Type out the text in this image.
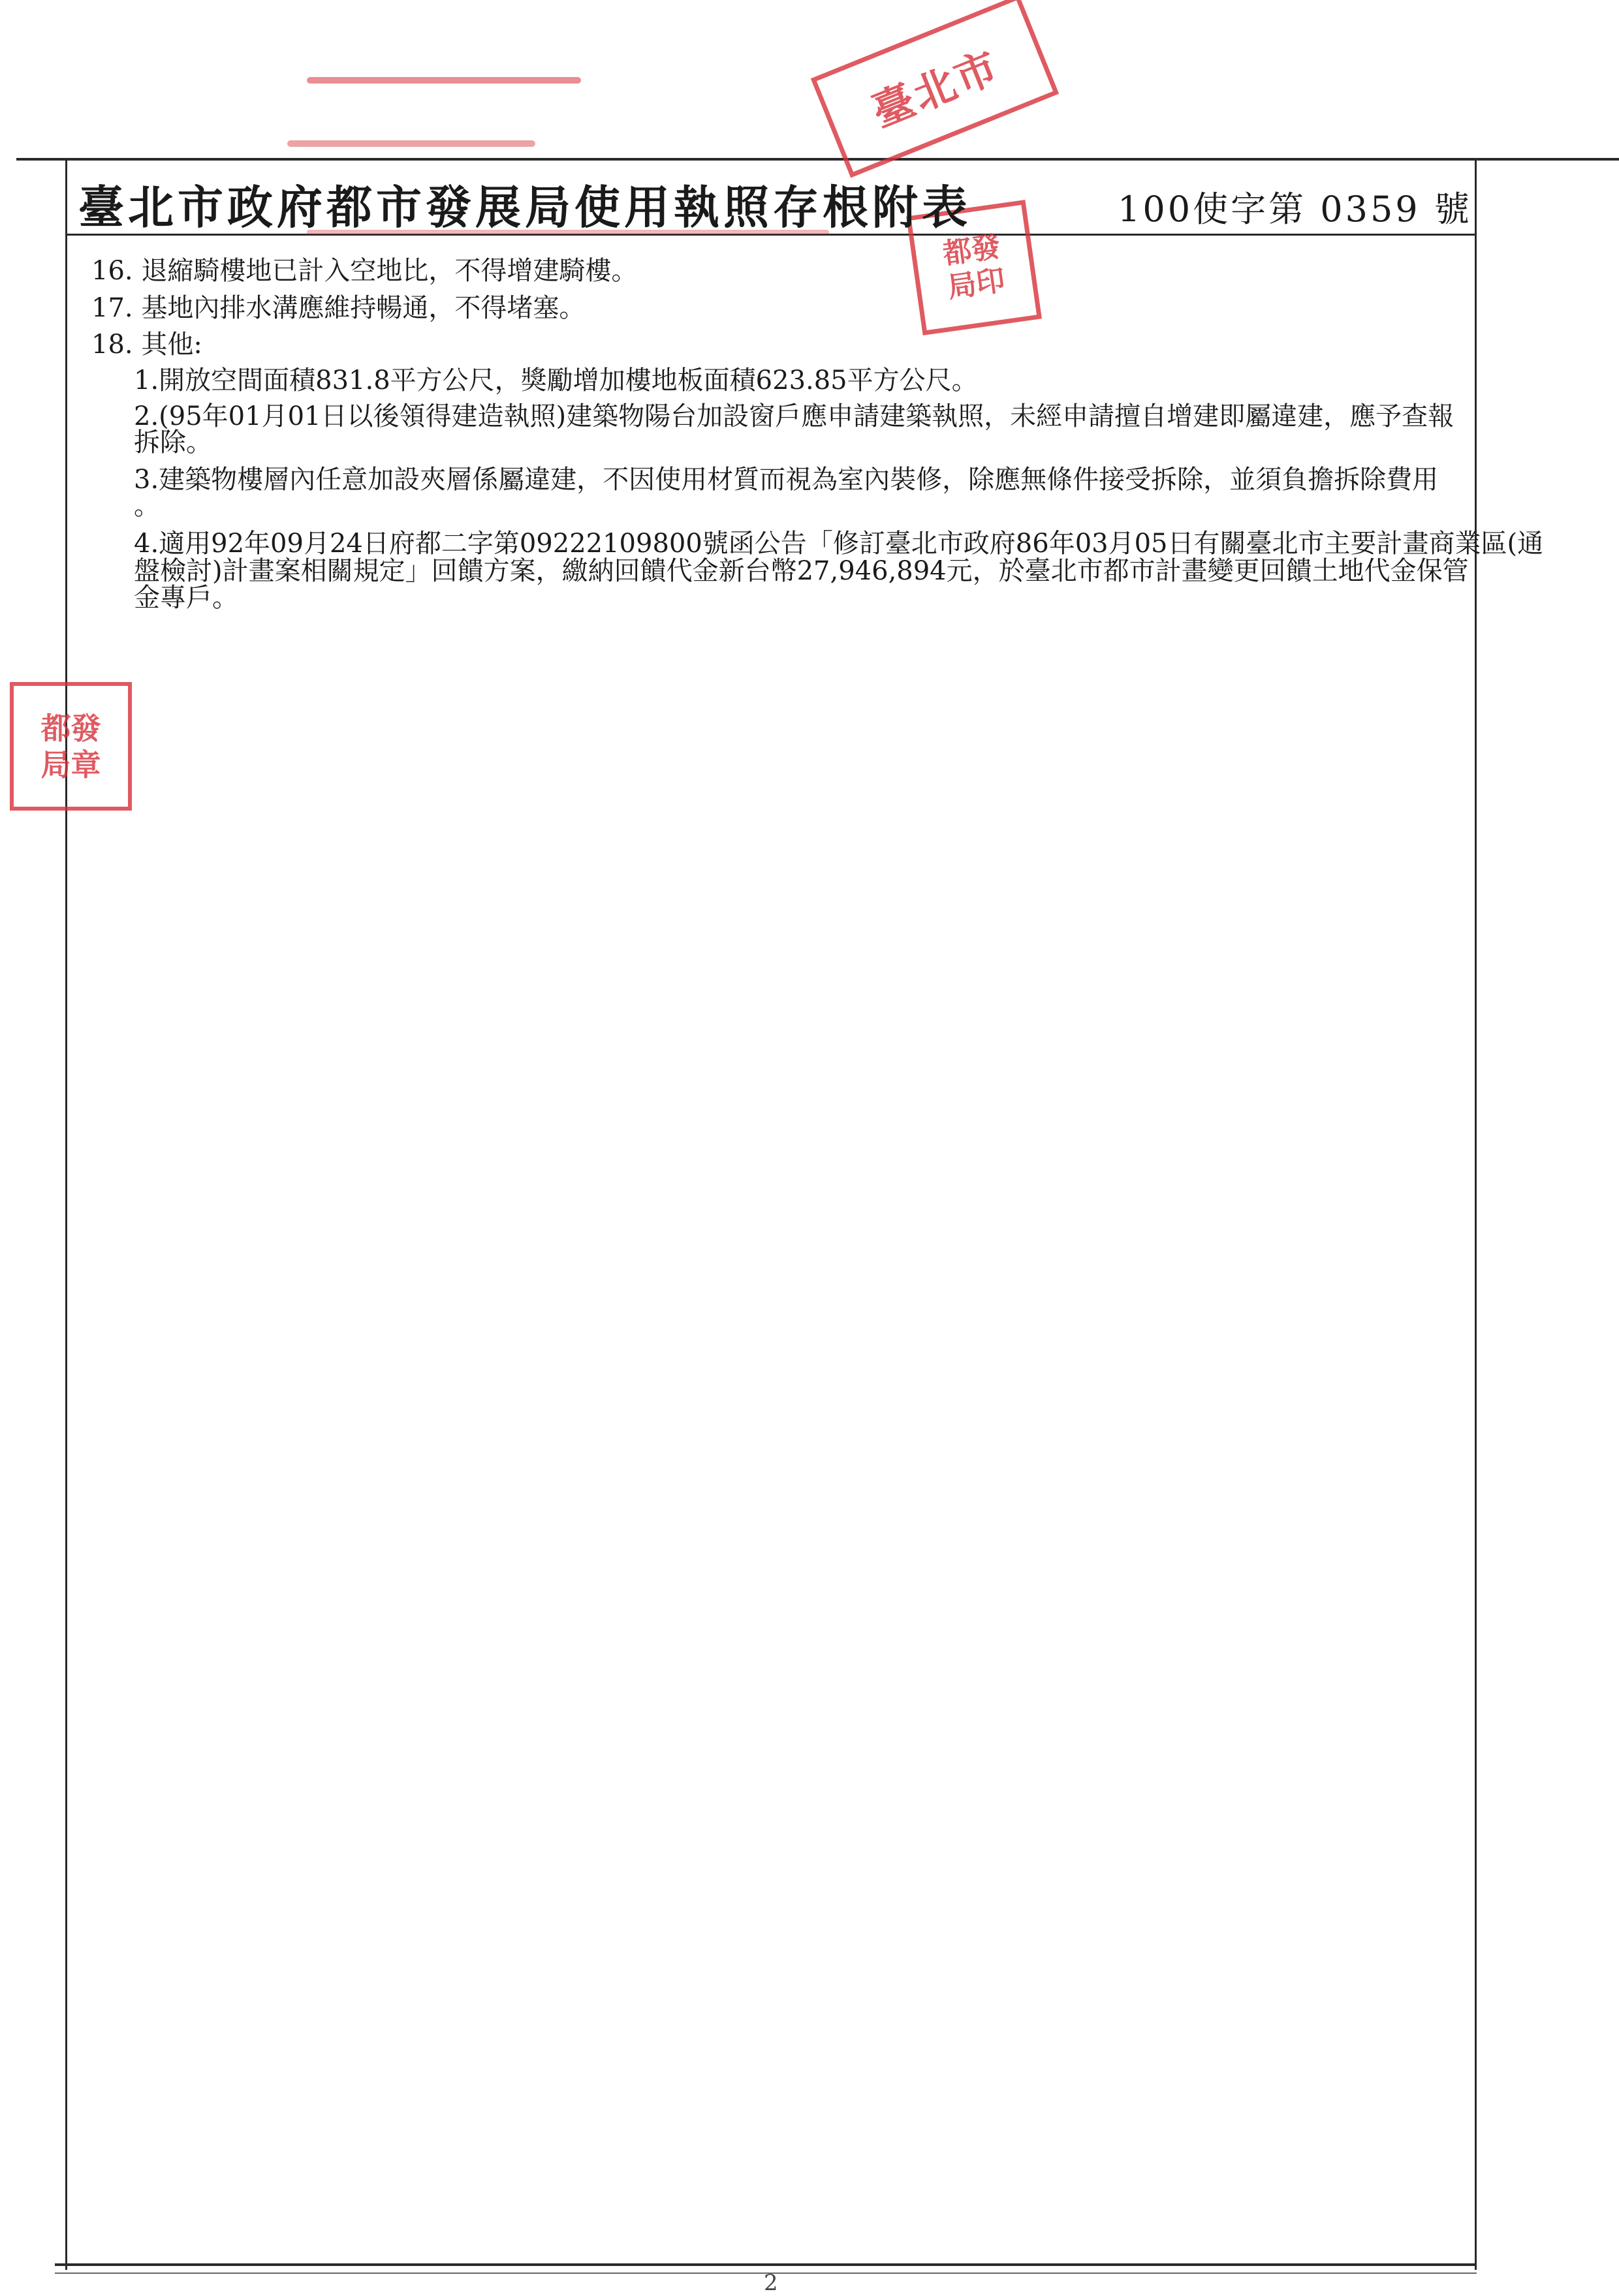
臺北市
都發
局印
都發
局章
臺北市政府都市發展局使用執照存根附表	100使字第 0359 號
16. 退縮騎樓地已計入空地比，不得增建騎樓。
17. 基地內排水溝應維持暢通，不得堵塞。
18. 其他:
1.開放空間面積831.8平方公尺，獎勵增加樓地板面積623.85平方公尺。
2.(95年01月01日以後領得建造執照)建築物陽台加設窗戶應申請建築執照，未經申請擅自增建即屬違建，應予查報
拆除。
3.建築物樓層內任意加設夾層係屬違建，不因使用材質而視為室內裝修，除應無條件接受拆除，並須負擔拆除費用
。
4.適用92年09月24日府都二字第09222109800號函公告「修訂臺北市政府86年03月05日有關臺北市主要計畫商業區(通
盤檢討)計畫案相關規定」回饋方案，繳納回饋代金新台幣27,946,894元，於臺北市都市計畫變更回饋土地代金保管
金專戶。
2
